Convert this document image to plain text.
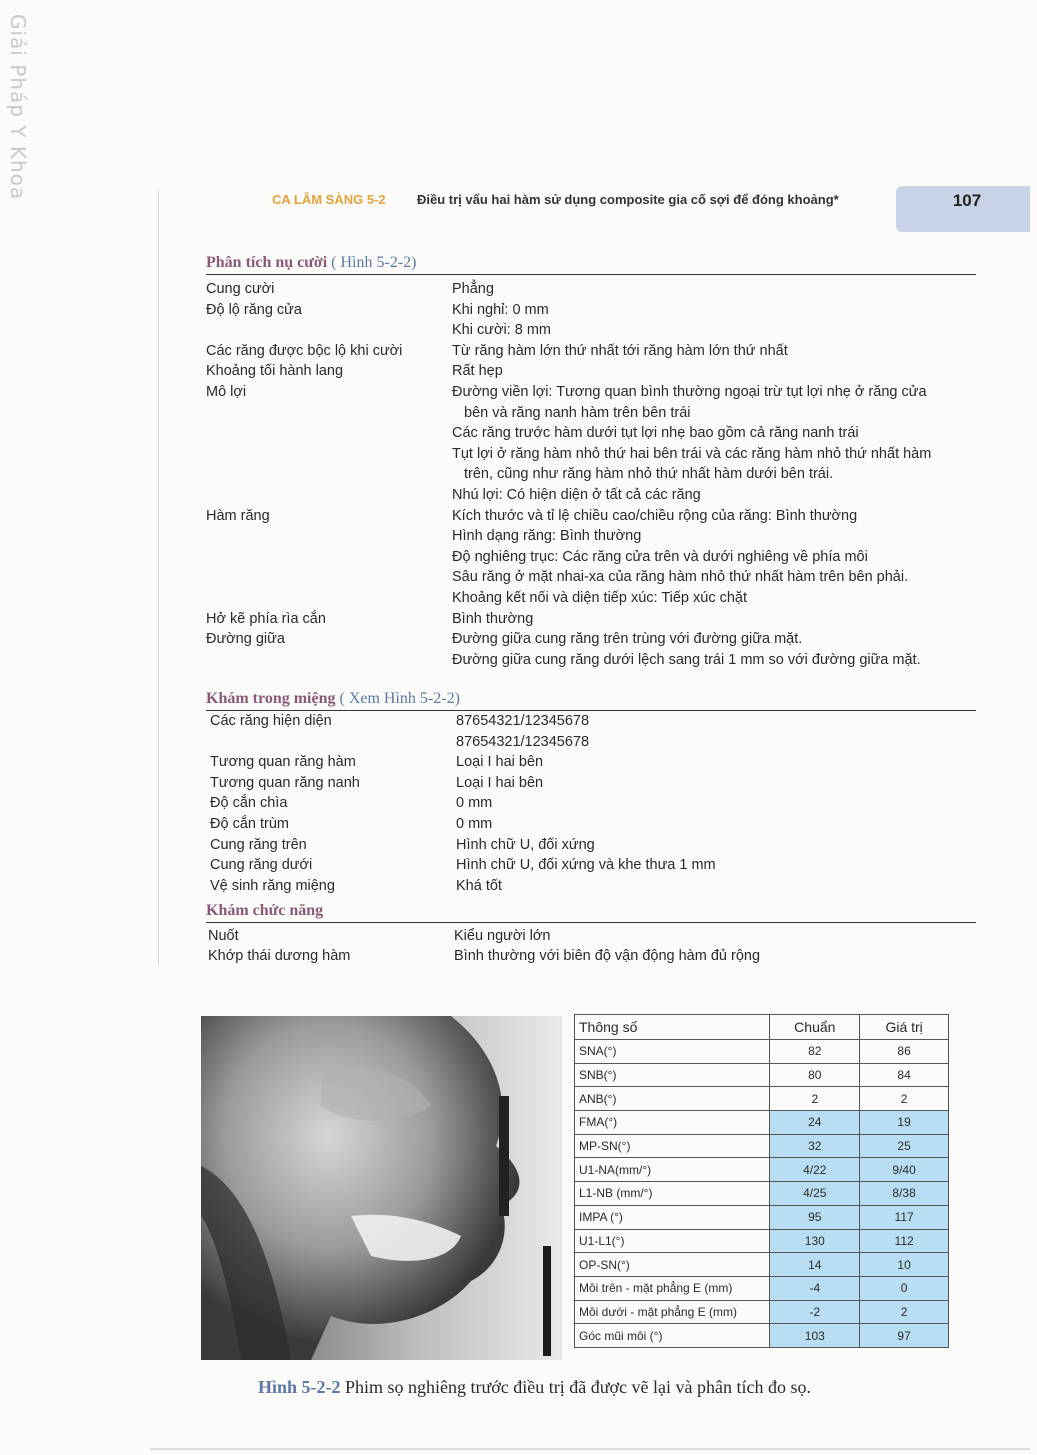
Giải Pháp Y Khoa	CA LÂM SÀNG 5-2 Điều trị vẩu hai hàm sử dụng composite gia cố sợi để đóng khoảng*	107
Phân tích nụ cười ( Hình 5-2-2)
Cung cười	Phẳng
Độ lộ răng cửa	Khi nghỉ: 0 mm
Khi cười: 8 mm
Các răng được bộc lộ khi cười	Từ răng hàm lớn thứ nhất tới răng hàm lớn thứ nhất
Khoảng tối hành lang	Rất hẹp
Mô lợi	Đường viền lợi: Tương quan bình thường ngoại trừ tụt lợi nhẹ ở răng cửa
bên và răng nanh hàm trên bên trái
Các răng trước hàm dưới tụt lợi nhẹ bao gồm cả răng nanh trái
Tụt lợi ở răng hàm nhỏ thứ hai bên trái và các răng hàm nhỏ thứ nhất hàm
trên, cũng như răng hàm nhỏ thứ nhất hàm dưới bên trái.
Nhú lợi: Có hiện diện ở tất cả các răng
Hàm răng	Kích thước và tỉ lệ chiều cao/chiều rộng của răng: Bình thường
Hình dạng răng: Bình thường
Độ nghiêng trục: Các răng cửa trên và dưới nghiêng về phía môi
Sâu răng ở mặt nhai-xa của răng hàm nhỏ thứ nhất hàm trên bên phải.
Khoảng kết nối và diện tiếp xúc: Tiếp xúc chặt
Hở kẽ phía rìa cắn	Bình thường
Đường giữa	Đường giữa cung răng trên trùng với đường giữa mặt.
Đường giữa cung răng dưới lệch sang trái 1 mm so với đường giữa mặt.
Khám trong miệng ( Xem Hình 5-2-2)
Các răng hiện diện	87654321/12345678
87654321/12345678
Tương quan răng hàm	Loại I hai bên
Tương quan răng nanh	Loại I hai bên
Độ cắn chìa	0 mm
Độ cắn trùm	0 mm
Cung răng trên	Hình chữ U, đối xứng
Cung răng dưới	Hình chữ U, đối xứng và khe thưa 1 mm
Vệ sinh răng miệng	Khá tốt
Khám chức năng
Nuốt	Kiểu người lớn
Khớp thái dương hàm	Bình thường với biên độ vận động hàm đủ rộng
Thông số	Chuẩn	Giá trị
SNA(°)	82	86
SNB(°)	80	84
ANB(°)	2	2
FMA(°)	24	19
MP-SN(°)	32	25
U1-NA(mm/°)	4/22	9/40
L1-NB (mm/°)	4/25	8/38
IMPA (°)	95	117
U1-L1(°)	130	112
OP-SN(°)	14	10
Môi trên - mặt phẳng E (mm)	-4	0
Môi dưới - mặt phẳng E (mm)	-2	2
Góc mũi môi (°)	103	97
Hình 5-2-2 Phim sọ nghiêng trước điều trị đã được vẽ lại và phân tích đo sọ.
